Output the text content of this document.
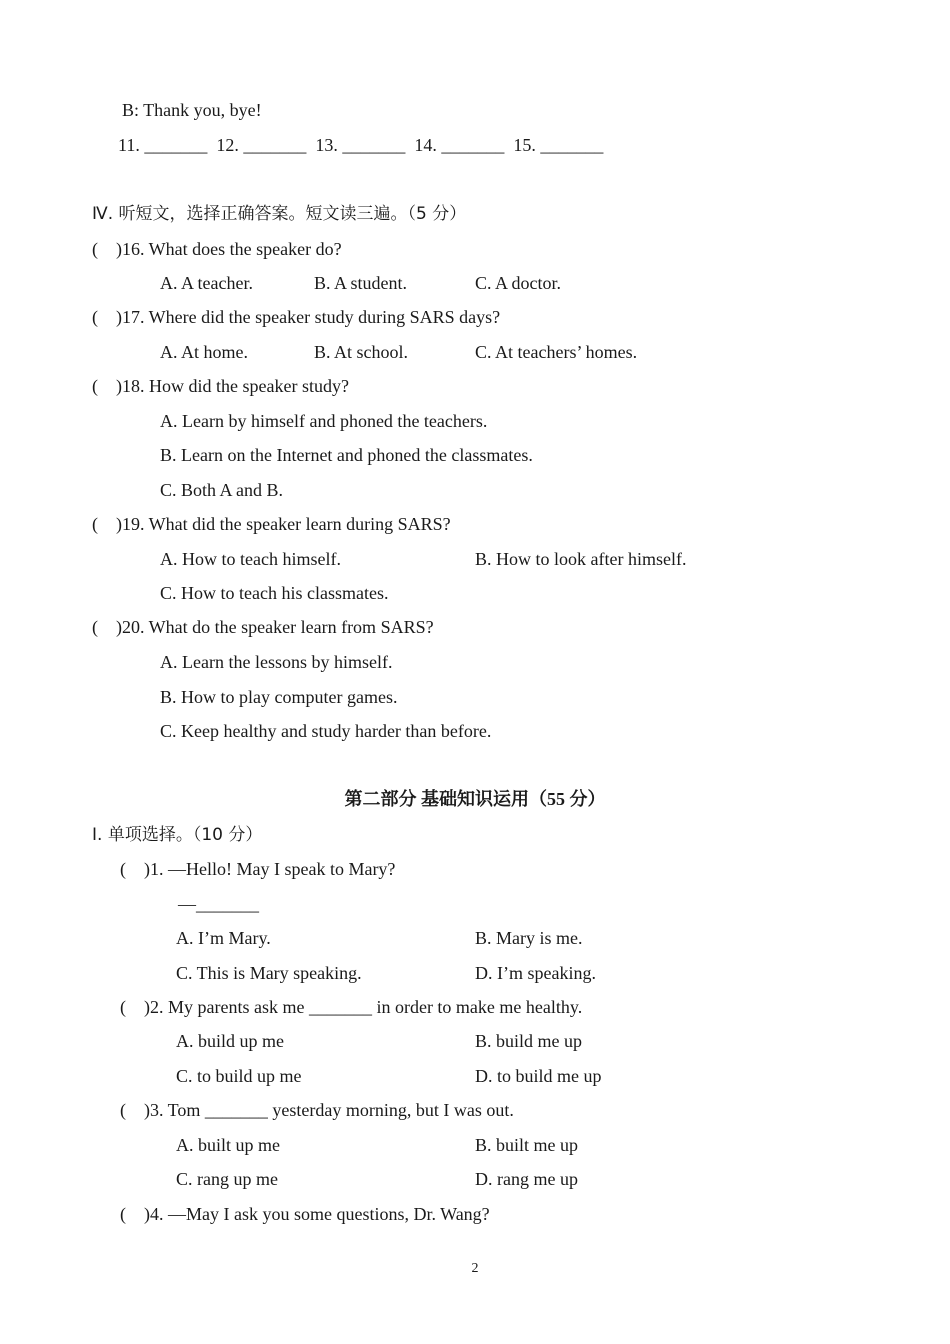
B: Thank you, bye!
11. _______  12. _______  13. _______  14. _______  15. _______
Ⅳ. 听短文，选择正确答案。短文读三遍。（5 分）
(    )16. What does the speaker do?
A. A teacher.	B. A student.	C. A doctor.
(    )17. Where did the speaker study during SARS days?
A. At home.	B. At school.	C. At teachers’ homes.
(    )18. How did the speaker study?
A. Learn by himself and phoned the teachers.
B. Learn on the Internet and phoned the classmates.
C. Both A and B.
(    )19. What did the speaker learn during SARS?
A. How to teach himself.	B. How to look after himself.
C. How to teach his classmates.
(    )20. What do the speaker learn from SARS?
A. Learn the lessons by himself.
B. How to play computer games.
C. Keep healthy and study harder than before.
第二部分 基础知识运用（55 分）
Ⅰ. 单项选择。（10 分）
(    )1. —Hello! May I speak to Mary?
—_______
A. I’m Mary.	B. Mary is me.
C. This is Mary speaking.	D. I’m speaking.
(    )2. My parents ask me _______ in order to make me healthy.
A. build up me	B. build me up
C. to build up me	D. to build me up
(    )3. Tom _______ yesterday morning, but I was out.
A. built up me	B. built me up
C. rang up me	D. rang me up
(    )4. —May I ask you some questions, Dr. Wang?
2
